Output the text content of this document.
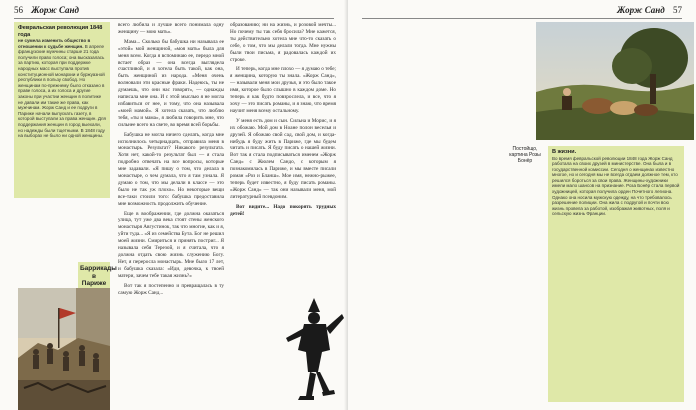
56 Жорж Санд
Февральская революция 1848 года

не сумела изменить общество в отношении к судьбе женщин. В апреле французские мужчины старше 21 года получили право голоса; она высказалась за партию, которая при поддержке народных масс выступала против конституционной монархии и буржуазной республики в пользу свобод. Но женщинам по-прежнему было отказано в праве голоса, а их голоса и другие законы при участии женщин в политике не давали им такие же права, как мужчинам. Жорж Санд и ее подруги в Париже начали выпускать газету, в которой выступали за права женщин. Для поддержания женщин в город выехали, но надежды были тщетными. В 1848 году на выборах не было ни одной женщины.

Баррикады в Париже

всего любила и лучше всего понимала одну женщину — мою мать».

Мама... Сколько бы бабушка ни называла ее «этой» мой женщиной, «моя мать» была для меня всем. Когда я вспоминаю ее, передо мной встает образ — она всегда выглядела счастливой, и я хотела быть такой, как она, быть женщиной из народа. «Меня очень волновали эти красные фраки. Надеюсь, ты не думаешь, что они нас говорят», — однажды написала мне она. И с этой мыслью я не могла избавиться от нее, и тому, что она называла «моей мамой». Я хотела сказать, что люблю тебя, «ты и мама», я любила говорить мне, что сильнее всего на свете, во время всей борьбы.

Бабушка не могла ничего сделать, когда мне исполнилось четырнадцать, отправила меня в монастырь. Результат? Никакого результата. Хотя нет, какой-то результат был — я стала подробно отвечать на все вопросы, которые мне задавали. «Я пишу о том, что делала в монастыре, о чем думала, что я там узнала. Я думаю о том, что мы делали в классе — это было не так уж плохо». Но некоторые вещи все-таки стоили того: бабушка предоставила мне возможность продолжить обучение.

Еще в воображении, где должна оказаться улица, тут уже два века стоят стены женского монастыря Августинок, так что многие, как и я, уйти туда... «Я из семейства Бута. Бог не решил моей жизни. Смириться и принять постриг... Я называла себя Терезой, и я считала, что я должна отдать свою жизнь служению Богу. Нет, я переросла монастырь. Мне было 17 лет, и бабушка сказала: «Иди, девочка, к твоей матери, зачем тебе такая жизнь?»

Вот так я постепенно и превращалась в ту самую Жорж Санд...

образованию; ни на жизнь, и розовой мечты... Но почему ты так себя бросила? Мне кажется, ты действительно хотела мне что-то сказать о себе, о том, что мы делали тогда. Мне нужны были твои письма, я радовалась каждой их строке.

И теперь, когда мне плохо — я думаю о тебе; я женщина, которую ты знала. «Жорж Санд», — называли меня мои друзья, и это было такое имя, которое было слышно в каждом доме. Но теперь я как будто повзрослела, и все, что я хочу — это писать романы, и я знаю, что время научит меня всему остальному.

У меня есть дом и сын. Сильна и Морис, и я их обожаю. Мой дом в Ноане полон веселья и друзей. Я обожаю свой сад, свой дом, и когда-нибудь я буду жить в Париже, где мы будем читать и писать. Я буду писать о нашей жизни. Вот так я стала подписываться именем «Жорж Санд» с Жюлем Сандо, с которым я познакомилась в Париже, и мы вместе писали роман «Роз и Бланш». Мое имя, нежно-рыжее, теперь будет известно, я буду писать романы. «Жорж Санд» — так они называли меня, мой литературный псевдоним.

Вот видите... Надо покорять трудных детей!

Жорж Санд 57
Постойщо, картина Розы Бонёр
В жизни.

Во время февральской революции 1848 года Жорж Санд работала на своих друзей в министерстве. Она была и в государственной комиссии. Сегодня о женщинах известно многое, но и сегодня мы не всегда отдаем должное тем, кто решился бороться за свои права. Женщины-художники имели мало шансов на признание. Роза Бонёр стала первой художницей, которая получила орден Почетного легиона. Однако она носила мужскую одежду, на что требовалось разрешение полиции. Она жила с подругой и почти всю жизнь провела за работой, изображая животных, поля и сельскую жизнь Франции.
